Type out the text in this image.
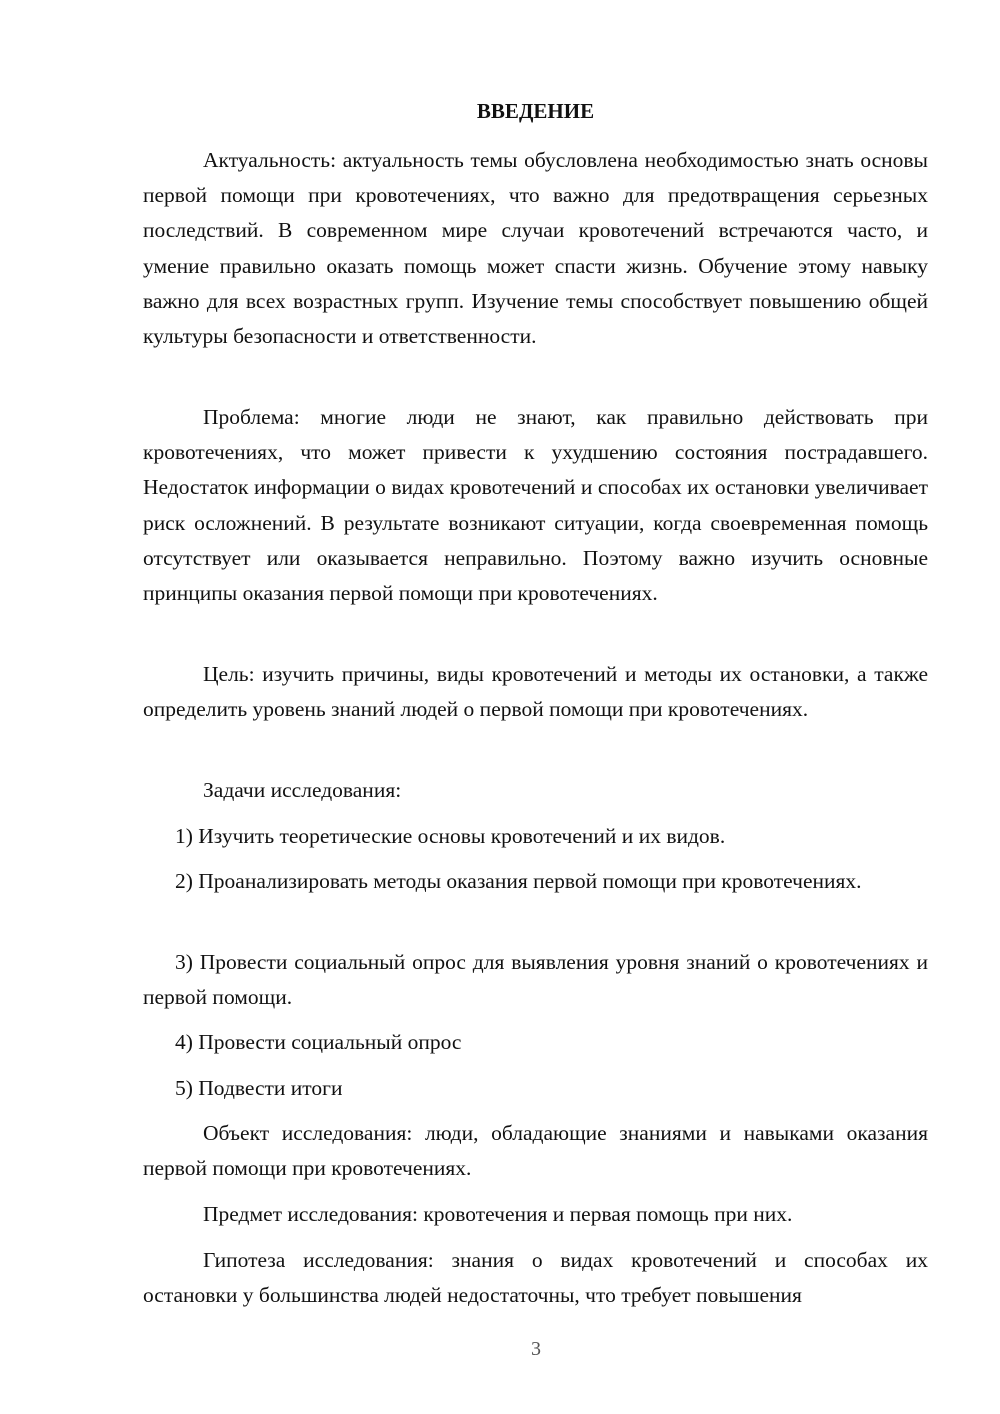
ВВЕДЕНИЕ

Актуальность: актуальность темы обусловлена необходимостью знать основы первой помощи при кровотечениях, что важно для предотвращения серьезных последствий. В современном мире случаи кровотечений встречаются часто, и умение правильно оказать помощь может спасти жизнь. Обучение этому навыку важно для всех возрастных групп. Изучение темы способствует повышению общей культуры безопасности и ответственности.

Проблема: многие люди не знают, как правильно действовать при кровотечениях, что может привести к ухудшению состояния пострадавшего. Недостаток информации о видах кровотечений и способах их остановки увеличивает риск осложнений. В результате возникают ситуации, когда своевременная помощь отсутствует или оказывается неправильно. Поэтому важно изучить основные принципы оказания первой помощи при кровотечениях.

Цель: изучить причины, виды кровотечений и методы их остановки, а также определить уровень знаний людей о первой помощи при кровотечениях.

Задачи исследования:

1) Изучить теоретические основы кровотечений и их видов.

2) Проанализировать методы оказания первой помощи при кровотечениях.

3) Провести социальный опрос для выявления уровня знаний о кровотечениях и первой помощи.

4) Провести социальный опрос

5) Подвести итоги

Объект исследования: люди, обладающие знаниями и навыками оказания первой помощи при кровотечениях.

Предмет исследования: кровотечения и первая помощь при них.

Гипотеза исследования: знания о видах кровотечений и способах их остановки у большинства людей недостаточны, что требует повышения

3
